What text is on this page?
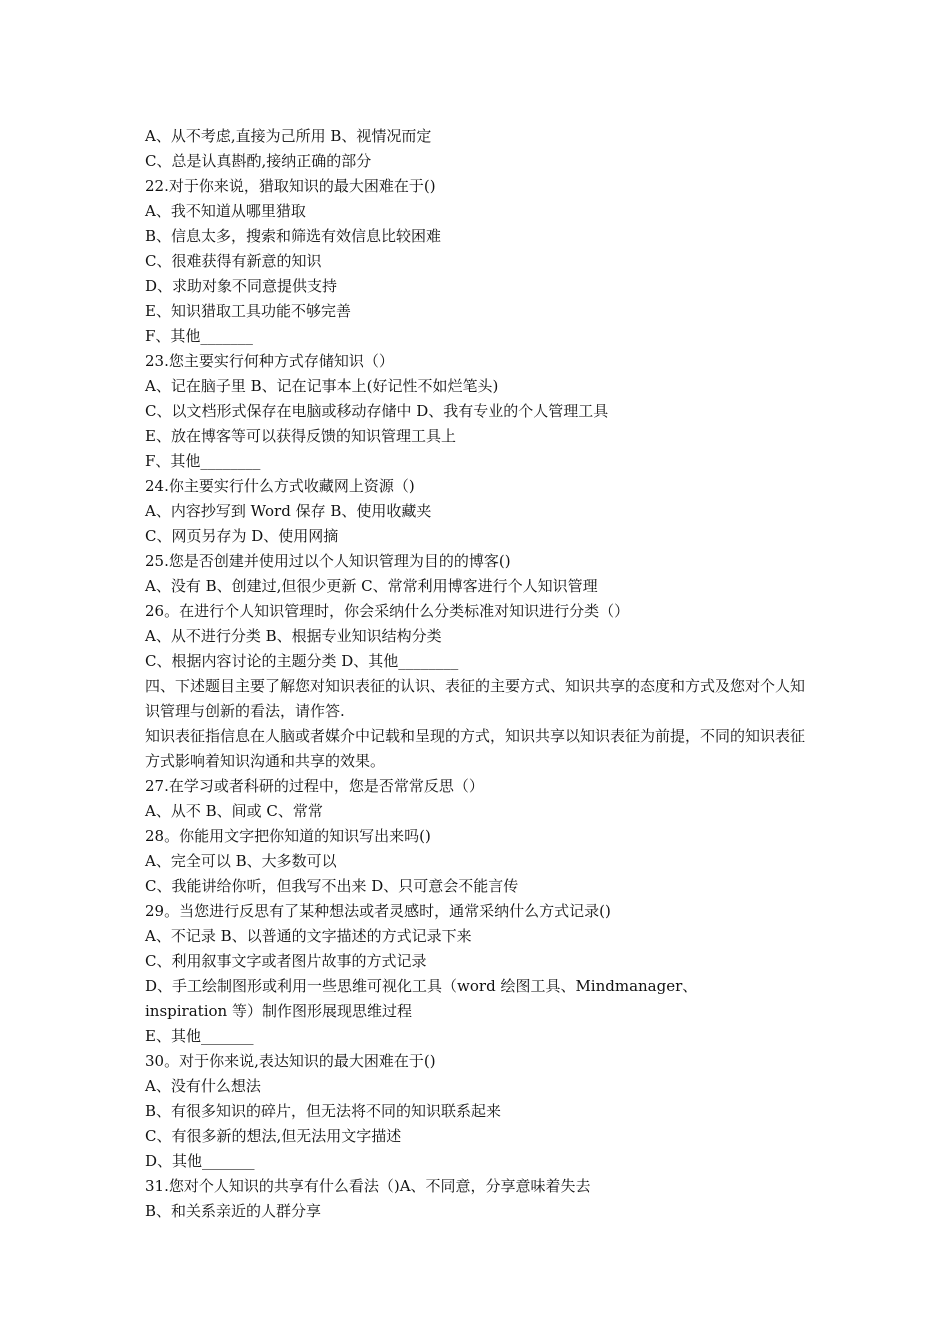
A、从不考虑,直接为己所用 B、视情况而定
C、总是认真斟酌,接纳正确的部分
22.对于你来说，猎取知识的最大困难在于()
A、我不知道从哪里猎取
B、信息太多，搜索和筛选有效信息比较困难
C、很难获得有新意的知识
D、求助对象不同意提供支持
E、知识猎取工具功能不够完善
F、其他_______
23.您主要实行何种方式存储知识（）
A、记在脑子里 B、记在记事本上(好记性不如烂笔头)
C、以文档形式保存在电脑或移动存储中 D、我有专业的个人管理工具
E、放在博客等可以获得反馈的知识管理工具上
F、其他________
24.你主要实行什么方式收藏网上资源（)
A、内容抄写到 Word 保存 B、使用收藏夹
C、网页另存为 D、使用网摘
25.您是否创建并使用过以个人知识管理为目的的博客()
A、没有 B、创建过,但很少更新 C、常常利用博客进行个人知识管理
26。在进行个人知识管理时，你会采纳什么分类标准对知识进行分类（）
A、从不进行分类 B、根据专业知识结构分类
C、根据内容讨论的主题分类 D、其他________
四、下述题目主要了解您对知识表征的认识、表征的主要方式、知识共享的态度和方式及您对个人知识管理与创新的看法，请作答.
知识表征指信息在人脑或者媒介中记载和呈现的方式，知识共享以知识表征为前提，不同的知识表征方式影响着知识沟通和共享的效果。
27.在学习或者科研的过程中，您是否常常反思（）
A、从不 B、间或 C、常常
28。你能用文字把你知道的知识写出来吗()
A、完全可以 B、大多数可以
C、我能讲给你听，但我写不出来 D、只可意会不能言传
29。当您进行反思有了某种想法或者灵感时，通常采纳什么方式记录()
A、不记录 B、以普通的文字描述的方式记录下来
C、利用叙事文字或者图片故事的方式记录
D、手工绘制图形或利用一些思维可视化工具（word 绘图工具、Mindmanager、
inspiration 等）制作图形展现思维过程
E、其他_______
30。对于你来说,表达知识的最大困难在于()
A、没有什么想法
B、有很多知识的碎片，但无法将不同的知识联系起来
C、有很多新的想法,但无法用文字描述
D、其他_______
31.您对个人知识的共享有什么看法（)A、不同意，分享意味着失去
B、和关系亲近的人群分享
